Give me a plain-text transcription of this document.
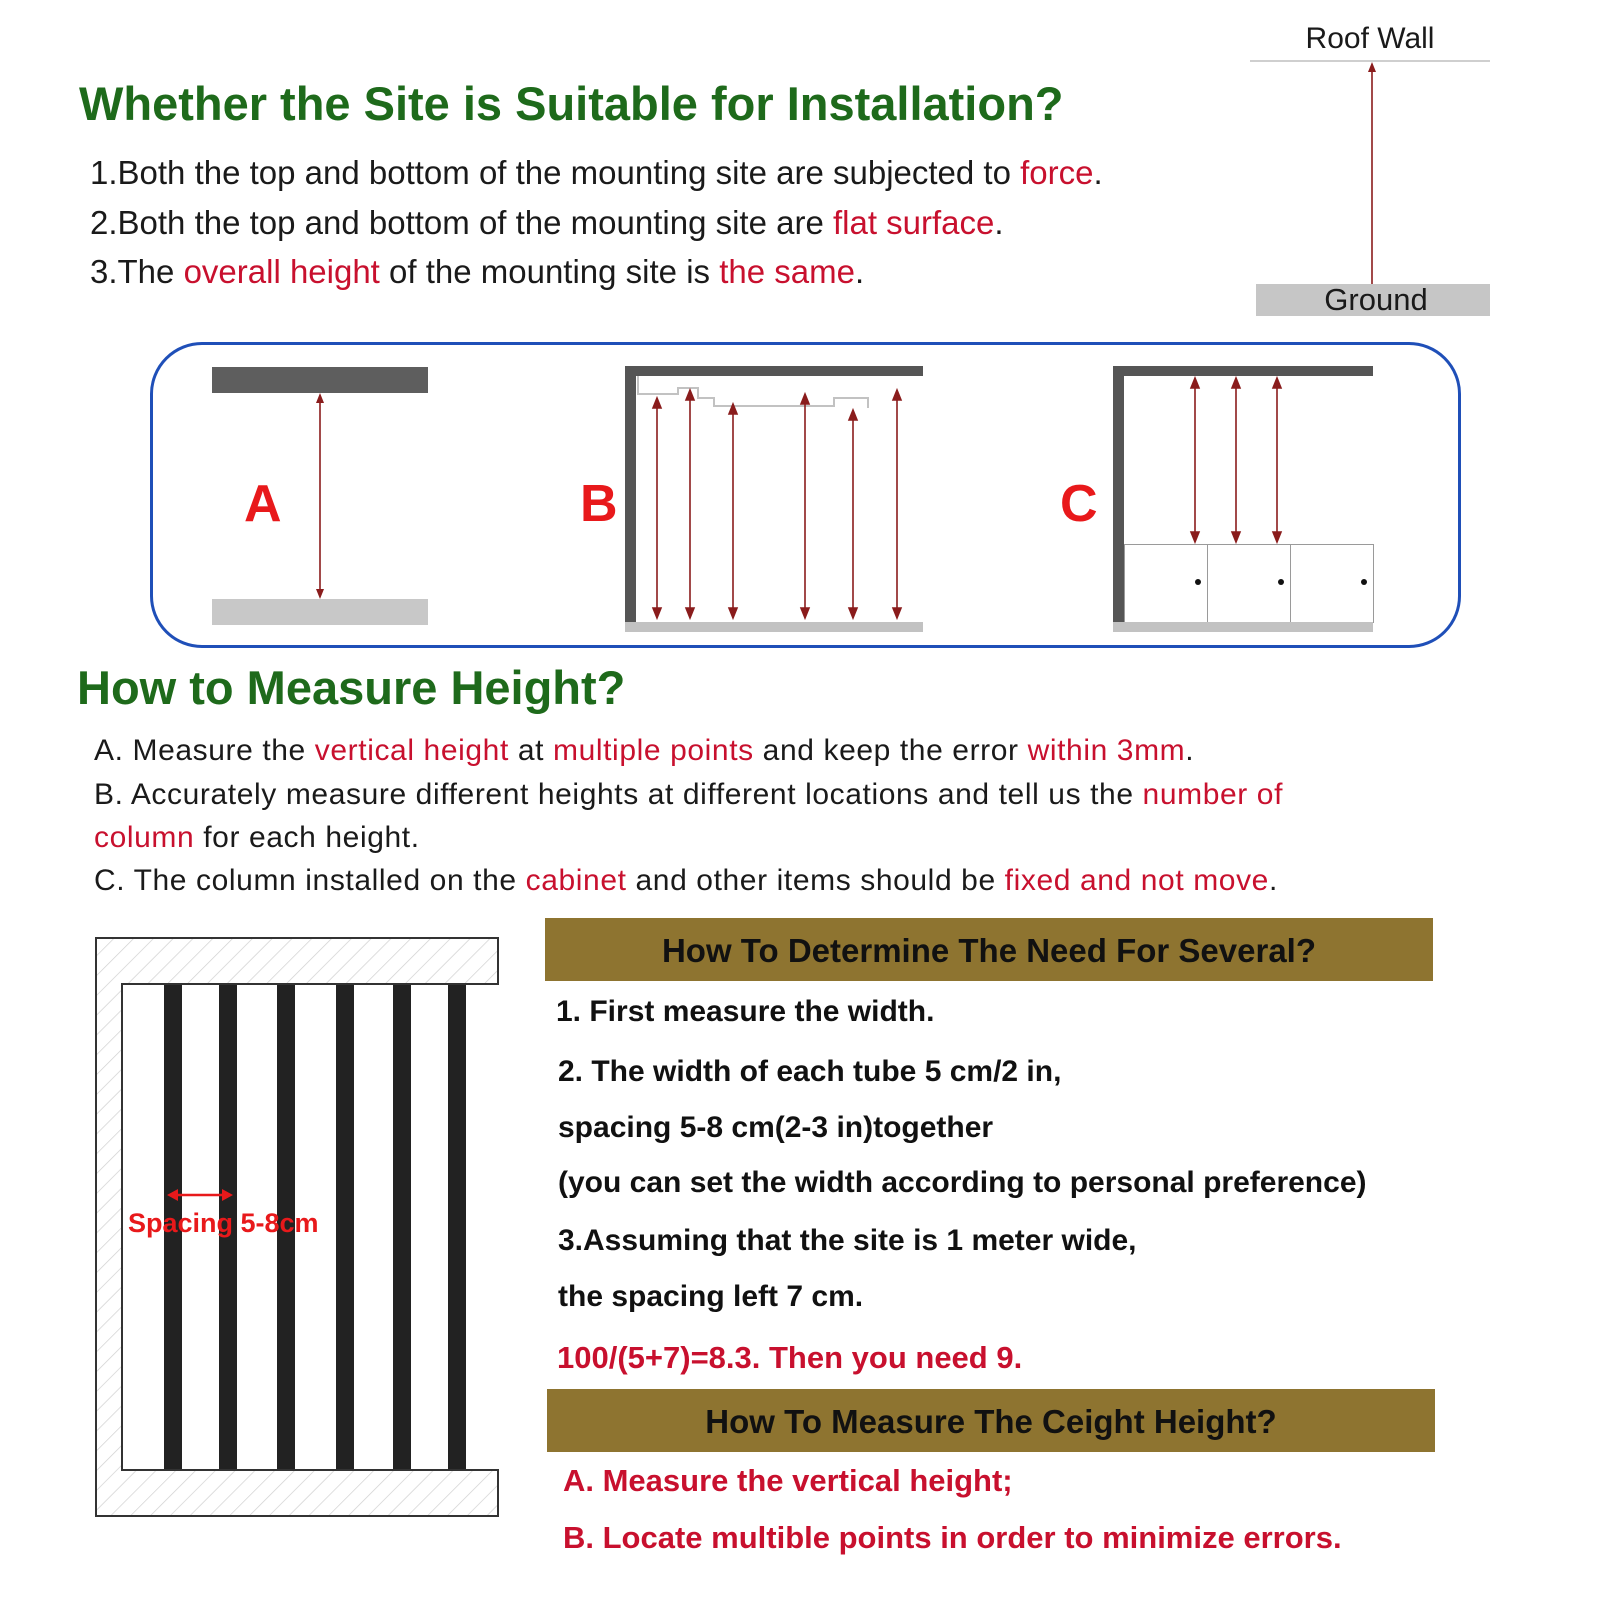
Whether the Site is Suitable for Installation?
1.Both the top and bottom of the mounting site are subjected to force.
2.Both the top and bottom of the mounting site are flat surface.
3.The overall height of the mounting site is the same.
Roof Wall
Ground
A	B	C
How to Measure Height?
A. Measure the vertical height at multiple points and keep the error within 3mm.
B. Accurately measure different heights at different locations and tell us the number of
column for each height.
C. The column installed on the cabinet and other items should be fixed and not move.
Spacing 5-8cm
How To Determine The Need For Several?
1. First measure the width.
2. The width of each tube 5 cm/2 in,
spacing 5-8 cm(2-3 in)together
(you can set the width according to personal preference)
3.Assuming that the site is 1 meter wide,
the spacing left 7 cm.
100/(5+7)=8.3. Then you need 9.
How To Measure The Ceight Height?
A. Measure the vertical height;
B. Locate multible points in order to minimize errors.
